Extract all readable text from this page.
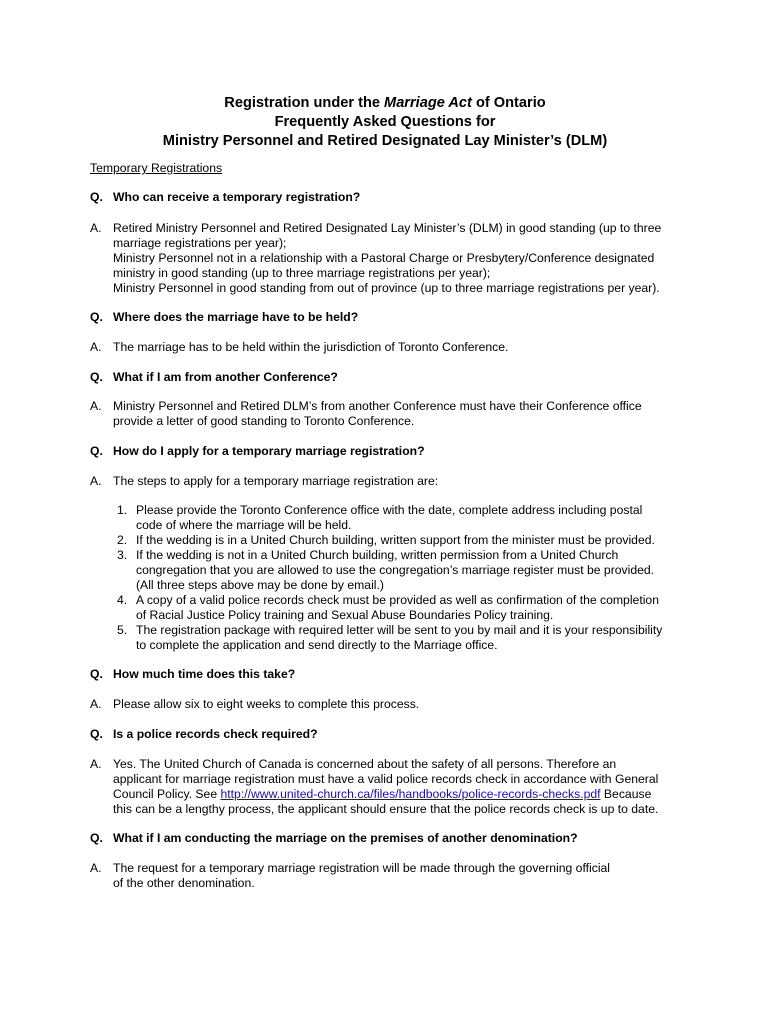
Registration under the Marriage Act of Ontario
Frequently Asked Questions for
Ministry Personnel and Retired Designated Lay Minister’s (DLM)
Temporary Registrations
Q. Who can receive a temporary registration?
A. Retired Ministry Personnel and Retired Designated Lay Minister’s (DLM) in good standing (up to three
marriage registrations per year);
Ministry Personnel not in a relationship with a Pastoral Charge or Presbytery/Conference designated
ministry in good standing (up to three marriage registrations per year);
Ministry Personnel in good standing from out of province (up to three marriage registrations per year).
Q. Where does the marriage have to be held?
A. The marriage has to be held within the jurisdiction of Toronto Conference.
Q. What if I am from another Conference?
A. Ministry Personnel and Retired DLM’s from another Conference must have their Conference office
provide a letter of good standing to Toronto Conference.
Q. How do I apply for a temporary marriage registration?
A. The steps to apply for a temporary marriage registration are:
1. Please provide the Toronto Conference office with the date, complete address including postal
code of where the marriage will be held.
2. If the wedding is in a United Church building, written support from the minister must be provided.
3. If the wedding is not in a United Church building, written permission from a United Church
congregation that you are allowed to use the congregation’s marriage register must be provided.
(All three steps above may be done by email.)
4. A copy of a valid police records check must be provided as well as confirmation of the completion
of Racial Justice Policy training and Sexual Abuse Boundaries Policy training.
5. The registration package with required letter will be sent to you by mail and it is your responsibility
to complete the application and send directly to the Marriage office.
Q. How much time does this take?
A. Please allow six to eight weeks to complete this process.
Q. Is a police records check required?
A. Yes. The United Church of Canada is concerned about the safety of all persons. Therefore an
applicant for marriage registration must have a valid police records check in accordance with General
Council Policy. See http://www.united-church.ca/files/handbooks/police-records-checks.pdf Because
this can be a lengthy process, the applicant should ensure that the police records check is up to date.
Q. What if I am conducting the marriage on the premises of another denomination?
A. The request for a temporary marriage registration will be made through the governing official
of the other denomination.
